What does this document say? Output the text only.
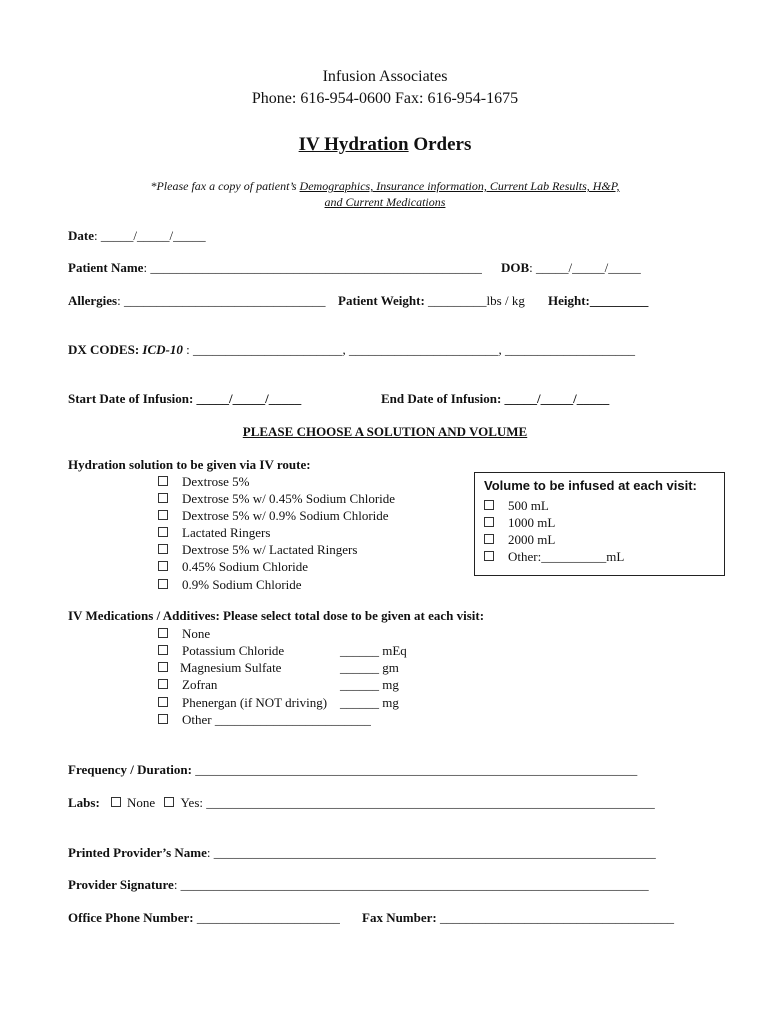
Infusion Associates
Phone: 616-954-0600 Fax: 616-954-1675
IV Hydration Orders
*Please fax a copy of patient’s Demographics, Insurance information, Current Lab Results, H&P,
and Current Medications
Date: _____/_____/_____
Patient Name: ___________________________________________________ DOB: _____/_____/_____
Allergies: _______________________________ Patient Weight: _________lbs / kg Height:_________
DX CODES: ICD-10 : _______________________, _______________________, ____________________
Start Date of Infusion: _____/_____/_____	End Date of Infusion: _____/_____/_____
PLEASE CHOOSE A SOLUTION AND VOLUME
Hydration solution to be given via IV route:
Dextrose 5%
Dextrose 5% w/ 0.45% Sodium Chloride
Dextrose 5% w/ 0.9% Sodium Chloride
Lactated Ringers
Dextrose 5% w/ Lactated Ringers
0.45% Sodium Chloride
0.9% Sodium Chloride
Volume to be infused at each visit:
500 mL
1000 mL
2000 mL
Other:__________mL
IV Medications / Additives: Please select total dose to be given at each visit:
None
Potassium Chloride	______ mEq
Magnesium Sulfate	______ gm
Zofran	______ mg
Phenergan (if NOT driving) ______ mg
Other ________________________
Frequency / Duration: ____________________________________________________________________
Labs: None Yes: _____________________________________________________________________
Printed Provider’s Name: ____________________________________________________________________
Provider Signature: ________________________________________________________________________
Office Phone Number: ______________________ Fax Number: ____________________________________
